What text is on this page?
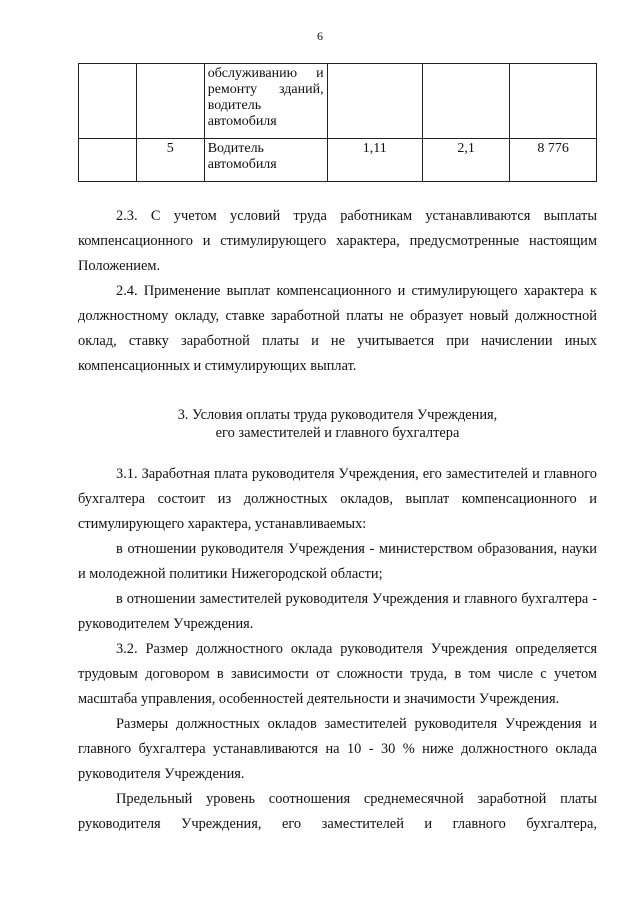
6
		обслуживанию и ремонту зданий, водитель автомобиля			
	5	Водитель автомобиля	1,11	2,1	8 776

2.3. С учетом условий труда работникам устанавливаются выплаты компенсационного и стимулирующего характера, предусмотренные настоящим Положением.

2.4. Применение выплат компенсационного и стимулирующего характера к должностному окладу, ставке заработной платы не образует новый должностной оклад, ставку заработной платы и не учитывается при начислении иных компенсационных и стимулирующих выплат.

3. Условия оплаты труда руководителя Учреждения,
его заместителей и главного бухгалтера

3.1. Заработная плата руководителя Учреждения, его заместителей и главного бухгалтера состоит из должностных окладов, выплат компенсационного и стимулирующего характера, устанавливаемых:

в отношении руководителя Учреждения - министерством образования, науки и молодежной политики Нижегородской области;

в отношении заместителей руководителя Учреждения и главного бухгалтера - руководителем Учреждения.

3.2. Размер должностного оклада руководителя Учреждения определяется трудовым договором в зависимости от сложности труда, в том числе с учетом масштаба управления, особенностей деятельности и значимости Учреждения.

Размеры должностных окладов заместителей руководителя Учреждения и главного бухгалтера устанавливаются на 10 - 30 % ниже должностного оклада руководителя Учреждения.

Предельный уровень соотношения среднемесячной заработной платы руководителя Учреждения, его заместителей и главного бухгалтера,
